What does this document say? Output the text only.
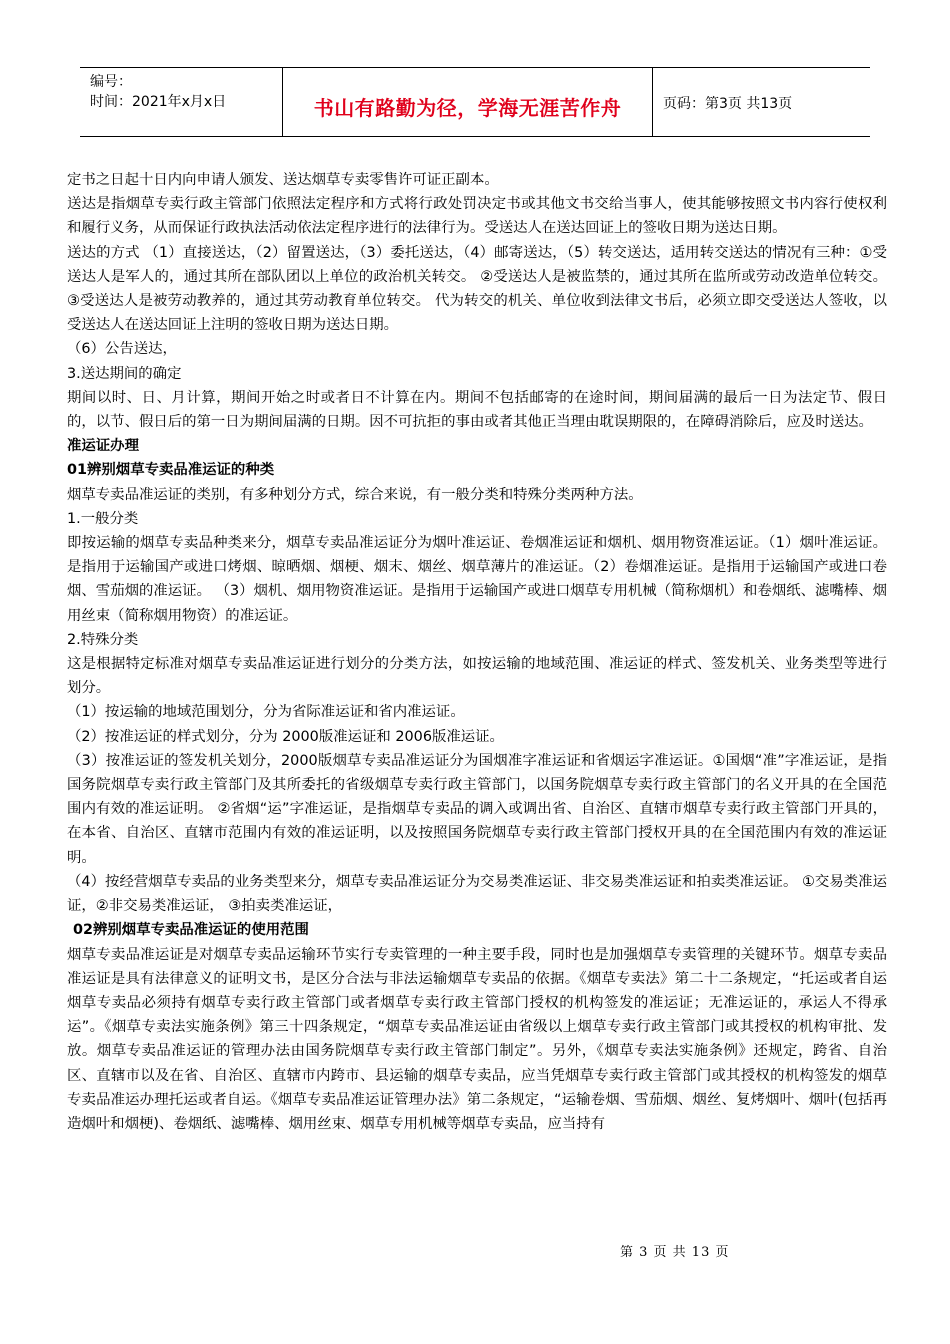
编号：
时间：2021年x月x日	书山有路勤为径，学海无涯苦作舟	页码：第3页 共13页

定书之日起十日内向申请人颁发、送达烟草专卖零售许可证正副本。

送达是指烟草专卖行政主管部门依照法定程序和方式将行政处罚决定书或其他文书交给当事人，使其能够按照文书内容行使权利和履行义务，从而保证行政执法活动依法定程序进行的法律行为。受送达人在送达回证上的签收日期为送达日期。

送达的方式 （1）直接送达，（2）留置送达，（3）委托送达，（4）邮寄送达，（5）转交送达，适用转交送达的情况有三种：①受送达人是军人的，通过其所在部队团以上单位的政治机关转交。 ②受送达人是被监禁的，通过其所在监所或劳动改造单位转交。③受送达人是被劳动教养的，通过其劳动教育单位转交。 代为转交的机关、单位收到法律文书后，必须立即交受送达人签收，以受送达人在送达回证上注明的签收日期为送达日期。

（6）公告送达，

3.送达期间的确定

期间以时、日、月计算，期间开始之时或者日不计算在内。期间不包括邮寄的在途时间，期间届满的最后一日为法定节、假日的，以节、假日后的第一日为期间届满的日期。因不可抗拒的事由或者其他正当理由耽误期限的，在障碍消除后，应及时送达。

准运证办理

01辨别烟草专卖品准运证的种类

烟草专卖品准运证的类别，有多种划分方式，综合来说，有一般分类和特殊分类两种方法。

1.一般分类

即按运输的烟草专卖品种类来分，烟草专卖品准运证分为烟叶准运证、卷烟准运证和烟机、烟用物资准运证。（1）烟叶准运证。是指用于运输国产或进口烤烟、晾晒烟、烟梗、烟末、烟丝、烟草薄片的准运证。（2）卷烟准运证。是指用于运输国产或进口卷烟、雪茄烟的准运证。 （3）烟机、烟用物资准运证。是指用于运输国产或进口烟草专用机械（简称烟机）和卷烟纸、滤嘴棒、烟用丝束（简称烟用物资）的准运证。

2.特殊分类

这是根据特定标准对烟草专卖品准运证进行划分的分类方法，如按运输的地域范围、准运证的样式、签发机关、业务类型等进行划分。

（1）按运输的地域范围划分，分为省际准运证和省内准运证。

（2）按准运证的样式划分，分为 2000版准运证和 2006版准运证。

（3）按准运证的签发机关划分，2000版烟草专卖品准运证分为国烟准字准运证和省烟运字准运证。①国烟“准”字准运证，是指国务院烟草专卖行政主管部门及其所委托的省级烟草专卖行政主管部门，以国务院烟草专卖行政主管部门的名义开具的在全国范围内有效的准运证明。 ②省烟“运”字准运证，是指烟草专卖品的调入或调出省、自治区、直辖市烟草专卖行政主管部门开具的，在本省、自治区、直辖市范围内有效的准运证明，以及按照国务院烟草专卖行政主管部门授权开具的在全国范围内有效的准运证明。

（4）按经营烟草专卖品的业务类型来分，烟草专卖品准运证分为交易类准运证、非交易类准运证和拍卖类准运证。 ①交易类准运证，②非交易类准运证， ③拍卖类准运证，

02辨别烟草专卖品准运证的使用范围

烟草专卖品准运证是对烟草专卖品运输环节实行专卖管理的一种主要手段，同时也是加强烟草专卖管理的关键环节。烟草专卖品准运证是具有法律意义的证明文书，是区分合法与非法运输烟草专卖品的依据。《烟草专卖法》第二十二条规定，“托运或者自运烟草专卖品必须持有烟草专卖行政主管部门或者烟草专卖行政主管部门授权的机构签发的准运证；无准运证的，承运人不得承运”。《烟草专卖法实施条例》第三十四条规定，“烟草专卖品准运证由省级以上烟草专卖行政主管部门或其授权的机构审批、发放。烟草专卖品准运证的管理办法由国务院烟草专卖行政主管部门制定”。另外，《烟草专卖法实施条例》还规定，跨省、自治区、直辖市以及在省、自治区、直辖市内跨市、县运输的烟草专卖品，应当凭烟草专卖行政主管部门或其授权的机构签发的烟草专卖品准运办理托运或者自运。《烟草专卖品准运证管理办法》第二条规定，“运输卷烟、雪茄烟、烟丝、复烤烟叶、烟叶(包括再造烟叶和烟梗)、卷烟纸、滤嘴棒、烟用丝束、烟草专用机械等烟草专卖品，应当持有

第 3 页 共 13 页
